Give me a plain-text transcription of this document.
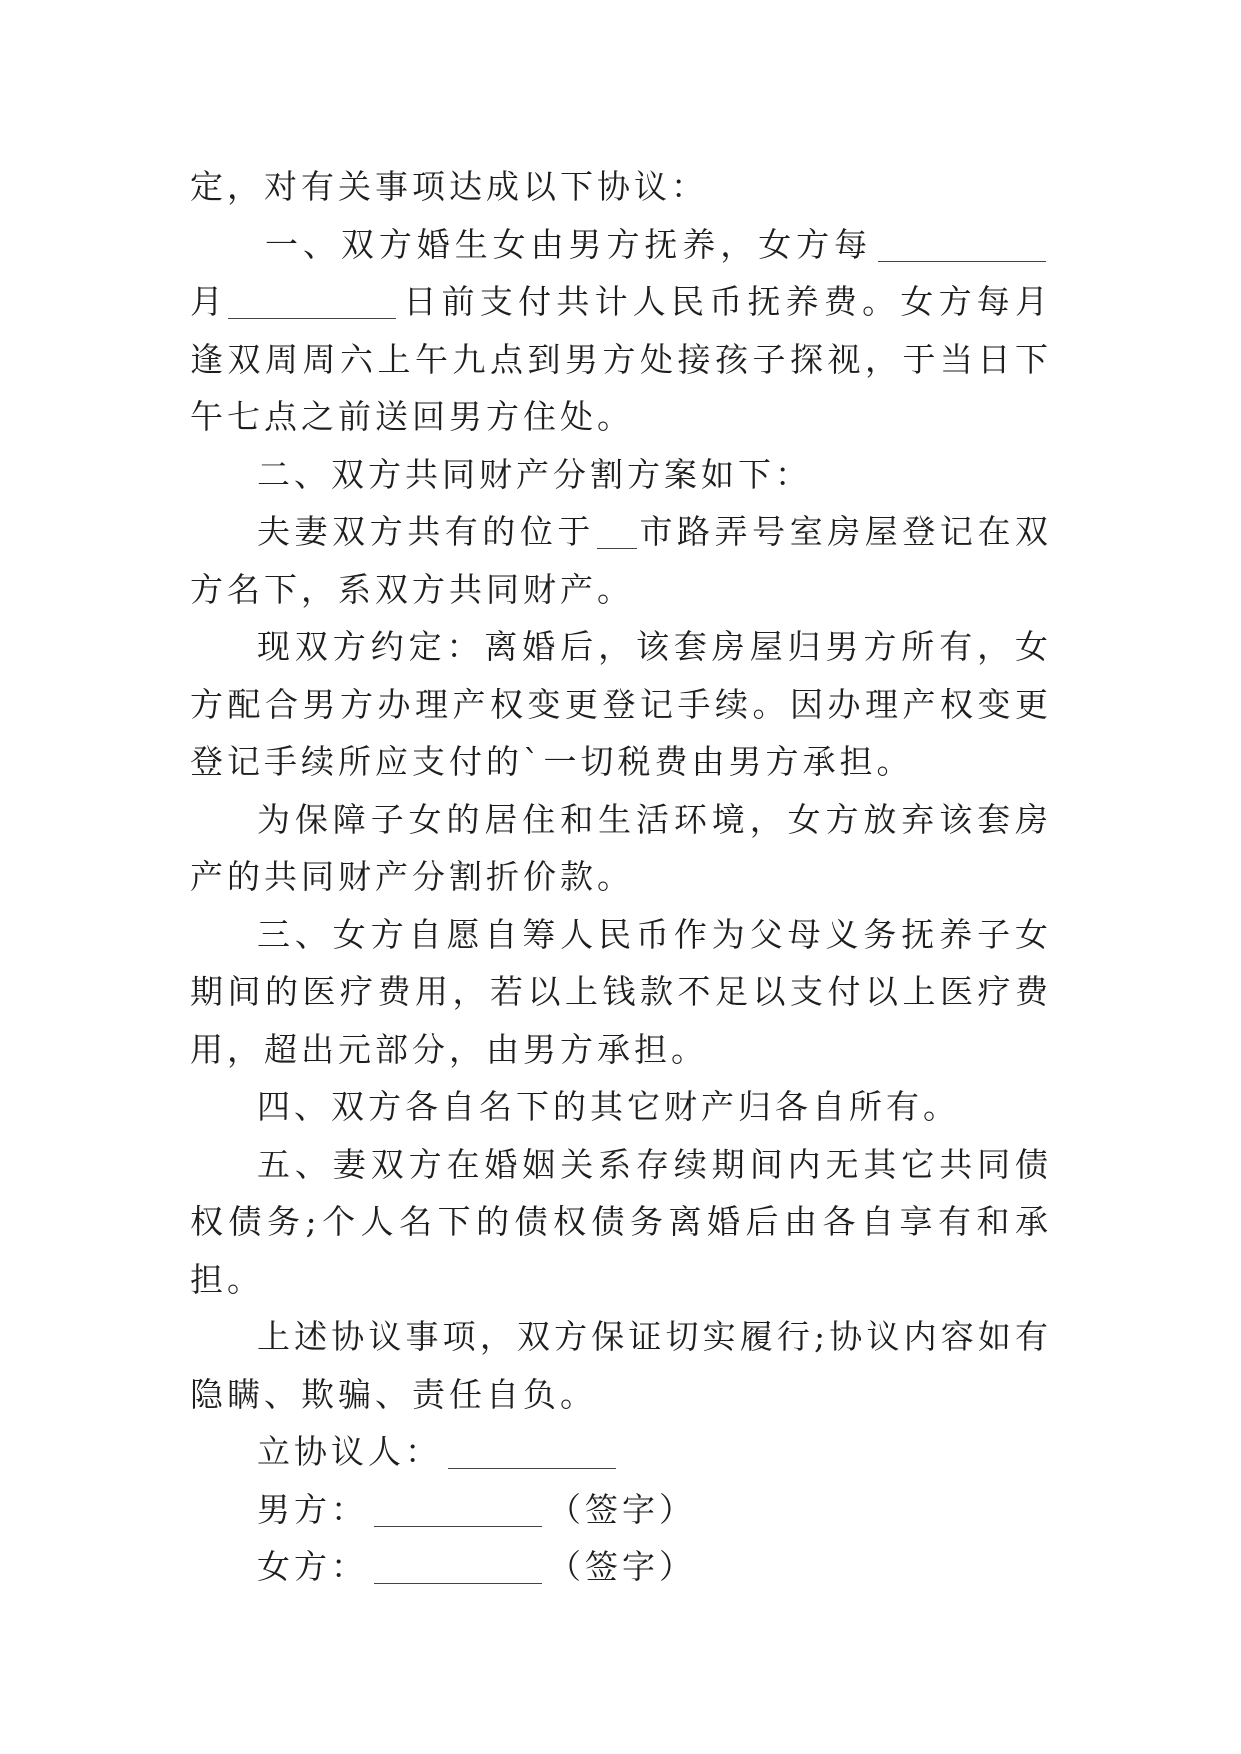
定，对有关事项达成以下协议：

一、双方婚生女由男方抚养，女方每月	日前支付共计人民币抚养费。女方每月逢双周周六上午九点到男方处接孩子探视，于当日下午七点之前送回男方住处。

二、双方共同财产分割方案如下：

夫妻双方共有的位于 市路弄号室房屋登记在双方名下，系双方共同财产。

现双方约定：离婚后，该套房屋归男方所有，女方配合男方办理产权变更登记手续。因办理产权变更登记手续所应支付的`一切税费由男方承担。

为保障子女的居住和生活环境，女方放弃该套房产的共同财产分割折价款。

三、女方自愿自筹人民币作为父母义务抚养子女期间的医疗费用，若以上钱款不足以支付以上医疗费用，超出元部分，由男方承担。

四、双方各自名下的其它财产归各自所有。

五、妻双方在婚姻关系存续期间内无其它共同债权债务;个人名下的债权债务离婚后由各自享有和承担。

上述协议事项，双方保证切实履行;协议内容如有隐瞒、欺骗、责任自负。

立协议人：

男方：	（签字）

女方：	（签字）
